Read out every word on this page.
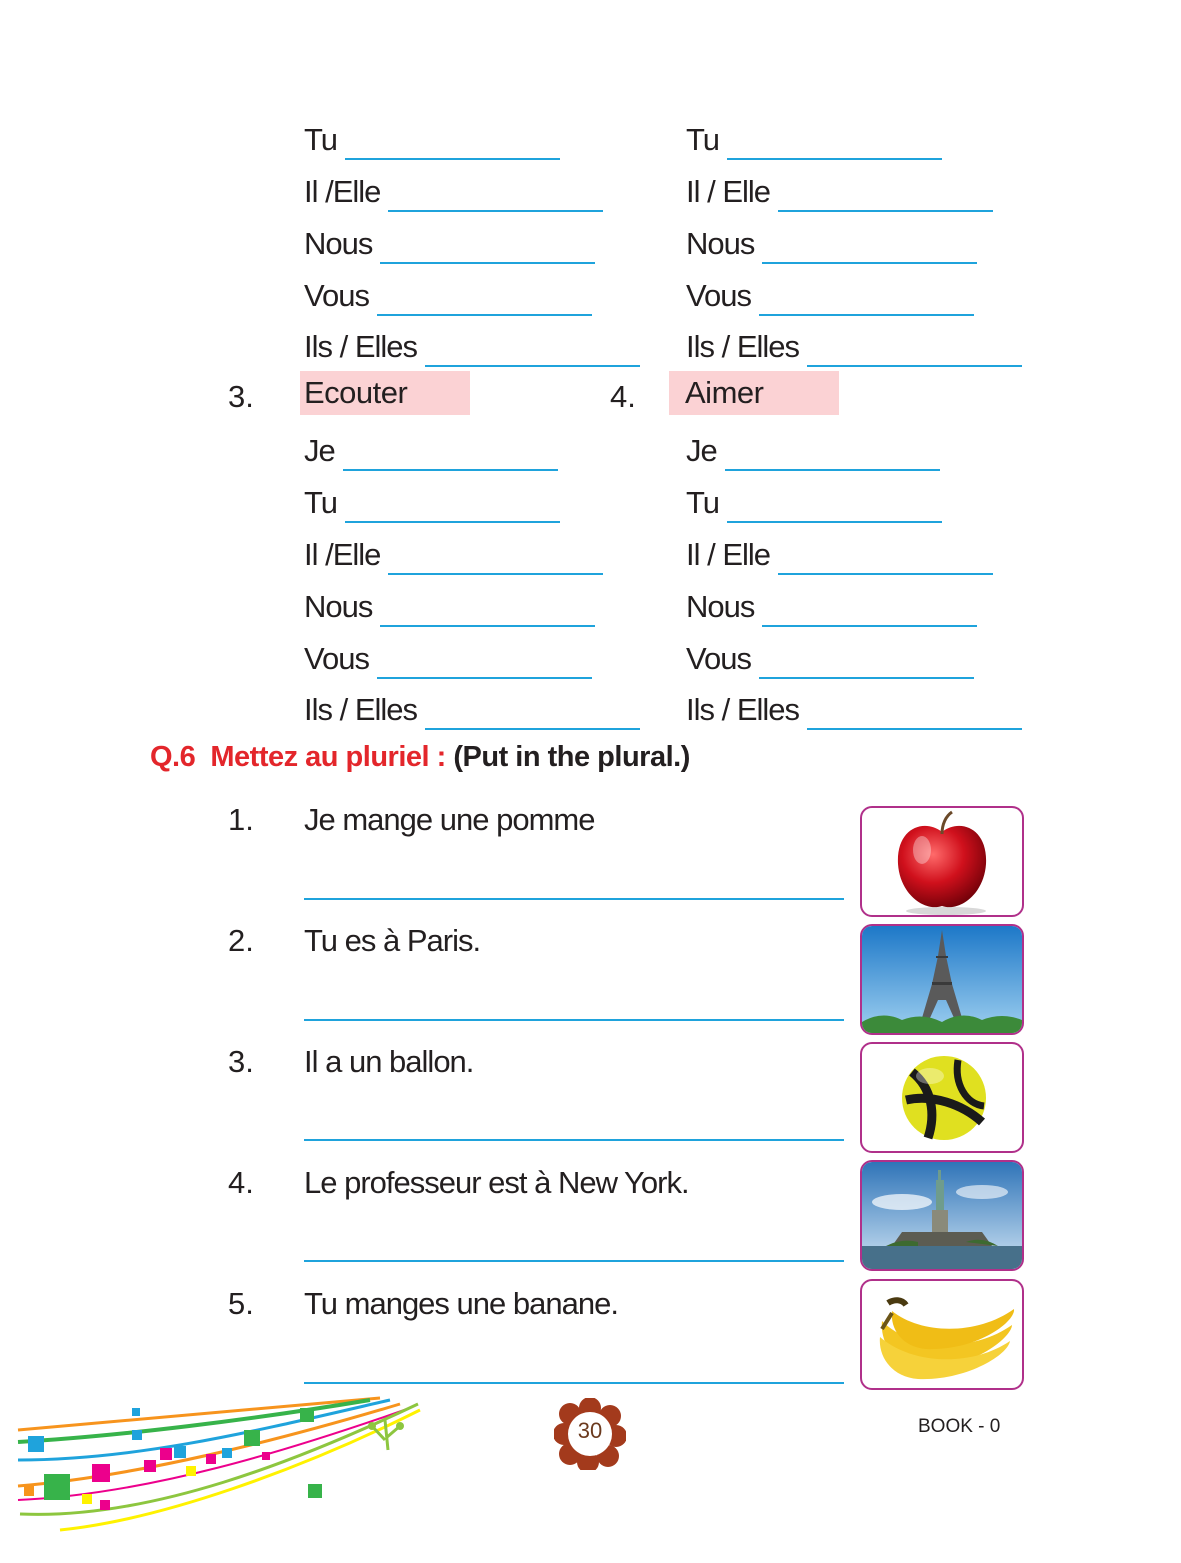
Tu
Il /Elle
Nous
Vous
Ils / Elles
Tu
Il / Elle
Nous
Vous
Ils / Elles
3. Ecouter	4.	Aimer
Je
Tu
Il /Elle
Nous
Vous
Ils / Elles
Je
Tu
Il / Elle
Nous
Vous
Ils / Elles
Q.6 Mettez au pluriel : (Put in the plural.)
1. Je mange une pomme
2. Tu es à Paris.
3. Il a un ballon.
4. Le professeur est à New York.
5. Tu manges une banane.
30	BOOK - 0
